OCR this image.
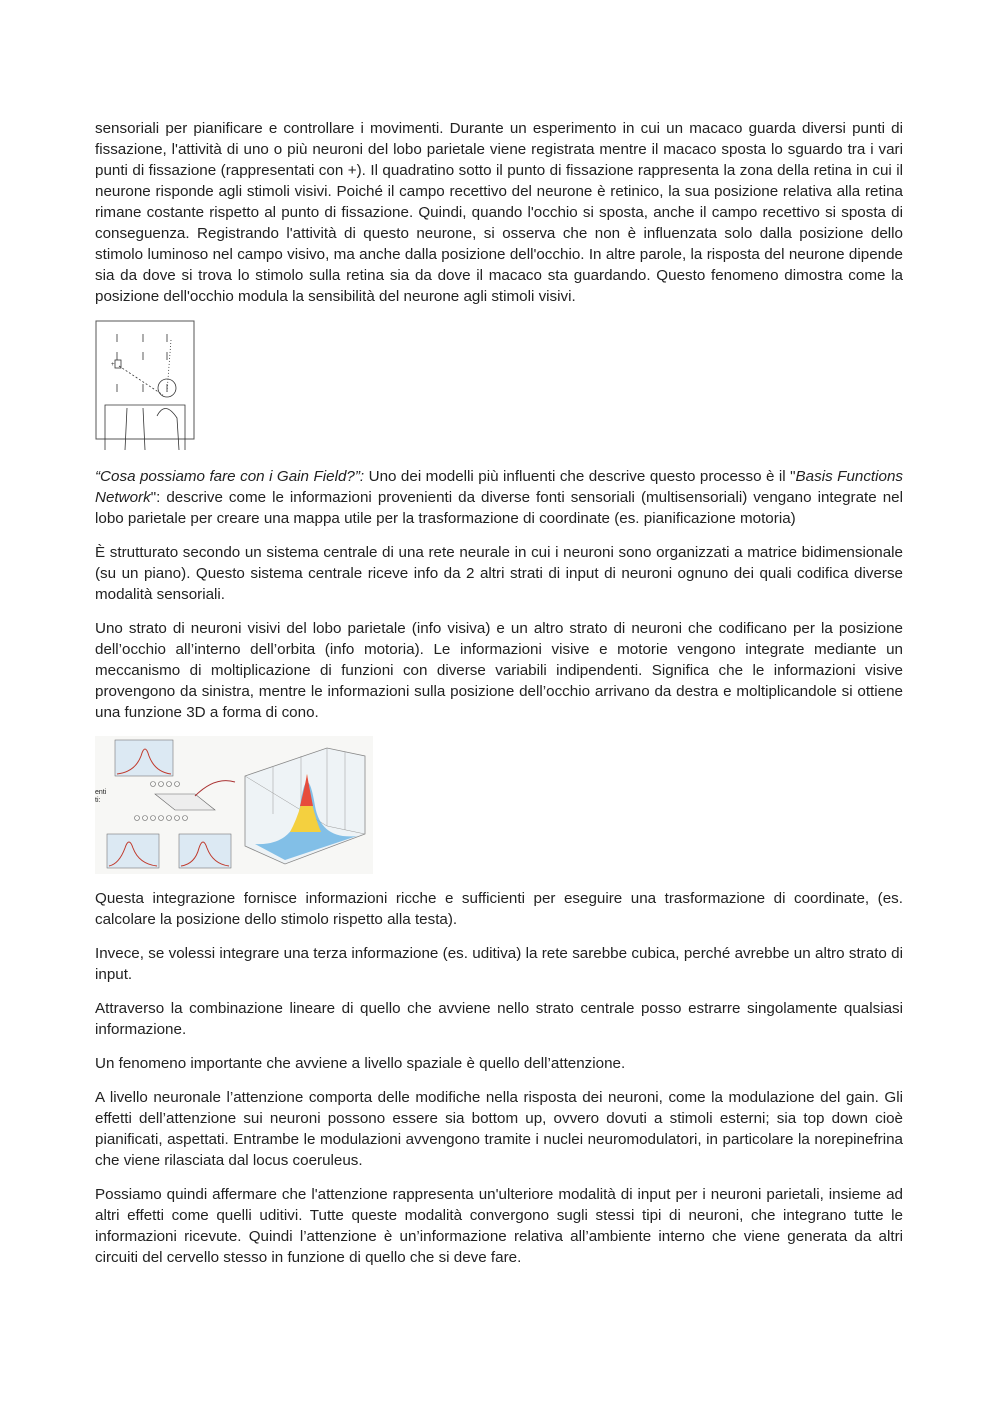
sensoriali per pianificare e controllare i movimenti. Durante un esperimento in cui un macaco guarda diversi punti di fissazione, l'attività di uno o più neuroni del lobo parietale viene registrata mentre il macaco sposta lo sguardo tra i vari punti di fissazione (rappresentati con +). Il quadratino sotto il punto di fissazione rappresenta la zona della retina in cui il neurone risponde agli stimoli visivi. Poiché il campo recettivo del neurone è retinico, la sua posizione relativa alla retina rimane costante rispetto al punto di fissazione. Quindi, quando l'occhio si sposta, anche il campo recettivo si sposta di conseguenza. Registrando l'attività di questo neurone, si osserva che non è influenzata solo dalla posizione dello stimolo luminoso nel campo visivo, ma anche dalla posizione dell'occhio. In altre parole, la risposta del neurone dipende sia da dove si trova lo stimolo sulla retina sia da dove il macaco sta guardando. Questo fenomeno dimostra come la posizione dell'occhio modula la sensibilità del neurone agli stimoli visivi.

+

“Cosa possiamo fare con i Gain Field?”: Uno dei modelli più influenti che descrive questo processo è il "Basis Functions Network": descrive come le informazioni provenienti da diverse fonti sensoriali (multisensoriali) vengano integrate nel lobo parietale per creare una mappa utile per la trasformazione di coordinate (es. pianificazione motoria)

È strutturato secondo un sistema centrale di una rete neurale in cui i neuroni sono organizzati a matrice bidimensionale (su un piano). Questo sistema centrale riceve info da 2 altri strati di input di neuroni ognuno dei quali codifica diverse modalità sensoriali.

Uno strato di neuroni visivi del lobo parietale (info visiva) e un altro strato di neuroni che codificano per la posizione dell’occhio all’interno dell’orbita (info motoria). Le informazioni visive e motorie vengono integrate mediante un meccanismo di moltiplicazione di funzioni con diverse variabili indipendenti. Significa che le informazioni visive provengono da sinistra, mentre le informazioni sulla posizione dell’occhio arrivano da destra e moltiplicandole si ottiene una funzione 3D a forma di cono.

enti
ti:

Questa integrazione fornisce informazioni ricche e sufficienti per eseguire una trasformazione di coordinate, (es. calcolare la posizione dello stimolo rispetto alla testa).

Invece, se volessi integrare una terza informazione (es. uditiva) la rete sarebbe cubica, perché avrebbe un altro strato di input.

Attraverso la combinazione lineare di quello che avviene nello strato centrale posso estrarre singolamente qualsiasi informazione.

Un fenomeno importante che avviene a livello spaziale è quello dell’attenzione.

A livello neuronale l’attenzione comporta delle modifiche nella risposta dei neuroni, come la modulazione del gain. Gli effetti dell’attenzione sui neuroni possono essere sia bottom up, ovvero dovuti a stimoli esterni; sia top down cioè pianificati, aspettati. Entrambe le modulazioni avvengono tramite i nuclei neuromodulatori, in particolare la norepinefrina che viene rilasciata dal locus coeruleus.

Possiamo quindi affermare che l'attenzione rappresenta un'ulteriore modalità di input per i neuroni parietali, insieme ad altri effetti come quelli uditivi. Tutte queste modalità convergono sugli stessi tipi di neuroni, che integrano tutte le informazioni ricevute. Quindi l’attenzione è un’informazione relativa all’ambiente interno che viene generata da altri circuiti del cervello stesso in funzione di quello che si deve fare.
